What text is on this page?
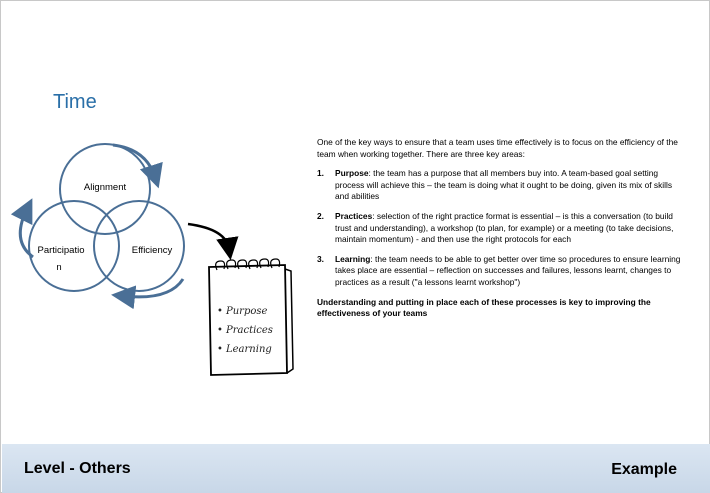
Time
Alignment
Participatio
n
Efficiency
• Purpose
• Practices
• Learning

One of the key ways to ensure that a team uses time effectively is to focus on the efficiency of the team when working together. There are three key areas:

1.	Purpose: the team has a purpose that all members buy into. A team-based goal setting process will achieve this – the team is doing what it ought to be doing, given its mix of skills and abilities
2.	Practices: selection of the right practice format is essential – is this a conversation (to build trust and understanding), a workshop (to plan, for example) or a meeting (to take decisions, maintain momentum) - and then use the right protocols for each
3.	Learning: the team needs to be able to get better over time so procedures to ensure learning takes place are essential – reflection on successes and failures, lessons learnt, changes to practices as a result ("a lessons learnt workshop")

Understanding and putting in place each of these processes is key to improving the effectiveness of your teams

Level - Others	Example
